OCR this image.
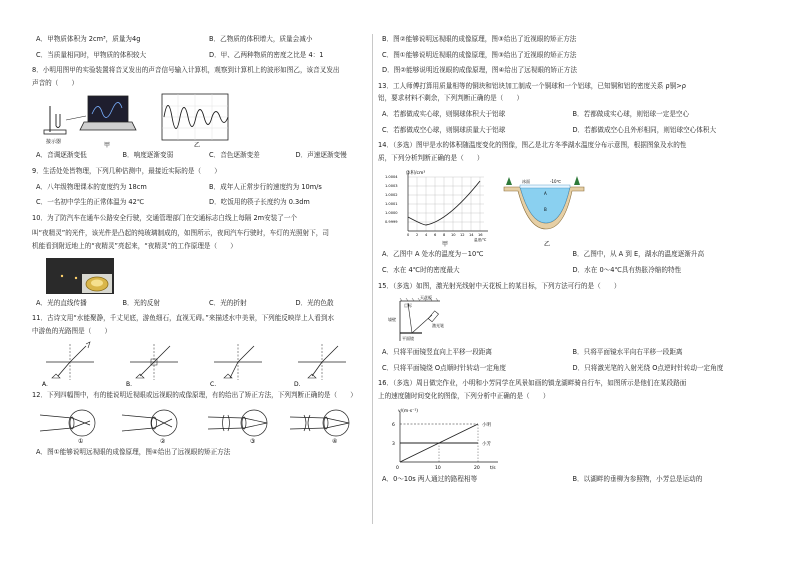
A．甲物质体积为 2cm³，质量为4g	B．乙物质的体积增大，质量会减小
C．当质量相同时，甲物质的体积较大	D．甲、乙两种物质的密度之比是 4：1
8．小明用图甲的实验装置将音叉发出的声音信号输入计算机，观察到计算机上的波形如图乙，该音叉发出
声音的（　　）
接示器	甲	乙
A．音调逐渐变低	B．响度逐渐变弱	C．音色逐渐变差	D．声速逐渐变慢
9．生活处处皆物理，下列几种估测中，最接近实际的是（　　）
A．八年级物理课本的宽度约为 18cm	B．成年人正常步行的速度约为 10m/s
C．一名初中学生的正常体温为 42℃	D．吃饭用的筷子长度约为 0.3dm
10．为了防汽车在通车公路安全行驶，交通管理部门在交通标志白线上每隔 2m安装了一个
叫“夜精灵”的光件，该光件是凸起的纯玻璃制成的，如图所示，夜间汽车行驶时，车灯的光照射下，司
机能看到附近地上的“夜精灵”亮起来，“夜精灵”的工作原理是（　　）
A．光的直线传播	B．光的反射	C．光的折射	D．光的色散
11．古诗文用“水能聚静，千丈见底，游鱼细石，直视无碍。”来描述水中美景，下列能反映岸上人看到水
中游鱼的光路图是（　　）
A.	B.	C.	D.
12．下列四幅图中，有的能说明近视眼或远视眼的成像原理，有的给出了矫正方法，下列判断正确的是（　　）
①	②	③	④
A．图①能够说明远视眼的成像原理，图④给出了远视眼的矫正方法
B．图②能够说明远视眼的成像原理，图③给出了近视眼的矫正方法
C．图①能够说明近视眼的成像原理，图③给出了近视眼的矫正方法
D．图②能够说明近视眼的成像原理，图④给出了远视眼的矫正方法
13．工人师傅打算用质量相等的铜块和铝块加工制成一个铜球和一个铝球，已知铜和铝的密度关系 ρ铜>ρ
铝，要求材料不剩余，下列判断正确的是（　　）
A．若都做成实心球，则铜球体积大于铝球	B．若都做成实心球，则铝球一定是空心
C．若都做成空心球，则铜球质量大于铝球	D．若都做成空心且外形相同，则铝球空心体积大
14．（多选）图甲是水的体积随温度变化的图像，图乙是北方冬季湖水温度分布示意图，根据图象及水的性
质，下列分析判断正确的是（　　）
体积/cm³
1.0004
1.0003
1.0002
1.0001
1.0000
0.9999
0 2 4 6 8 10 12 14 16
温度/℃
甲
冰面
A
B
-10℃
乙
A．乙图中 A 处水的温度为－10℃	B．乙图中，从 A 到 E，湖水的温度逐渐升高
C．水在 4℃时的密度最大	D．水在 0～4℃具有热胀冷缩的特性
15．（多选）如图，激光射光线射中天花板上的某目标，下列方法可行的是（　　）
天花板
目标
墙壁
平面镜
激光笔
A．只将平面镜竖直向上平移一段距离	B．只将平面镜水平向右平移一段距离
C．只将平面镜绕 O点顺时针转动一定角度	D．只将激光笔的入射光绕 O点逆时针转动一定角度
16．（多选）周日做完作业，小明和小芳同学在风景如画的镇龙湖畔骑自行车，如图所示是他们在某段路面
上的速度随时间变化的图像，下列分析中正确的是（　　）
v/(m·s⁻¹)
小明
小芳
6
3
0	10	20 t/s
A．0～10s 两人通过的路程相等	B．以湖畔的垂柳为参照物，小芳总是运动的
